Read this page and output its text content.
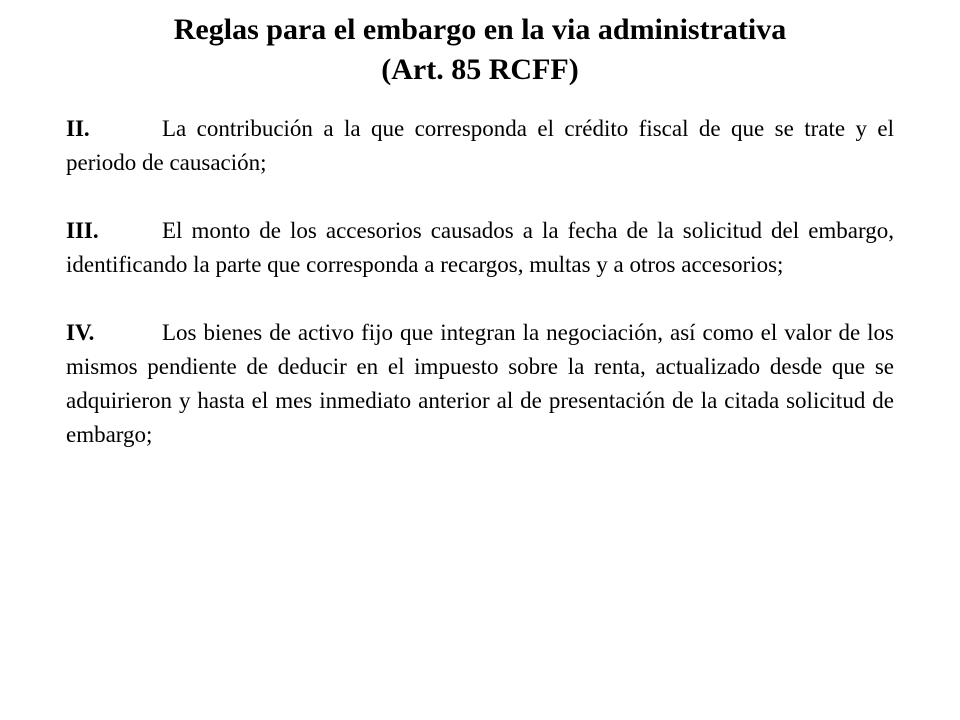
Reglas para el embargo en la via administrativa
(Art. 85 RCFF)

II.	La contribución a la que corresponda el crédito fiscal de que se trate y el periodo de causación;

III.	El monto de los accesorios causados a la fecha de la solicitud del embargo, identificando la parte que corresponda a recargos, multas y a otros accesorios;

IV.	Los bienes de activo fijo que integran la negociación, así como el valor de los mismos pendiente de deducir en el impuesto sobre la renta, actualizado desde que se adquirieron y hasta el mes inmediato anterior al de presentación de la citada solicitud de embargo;
